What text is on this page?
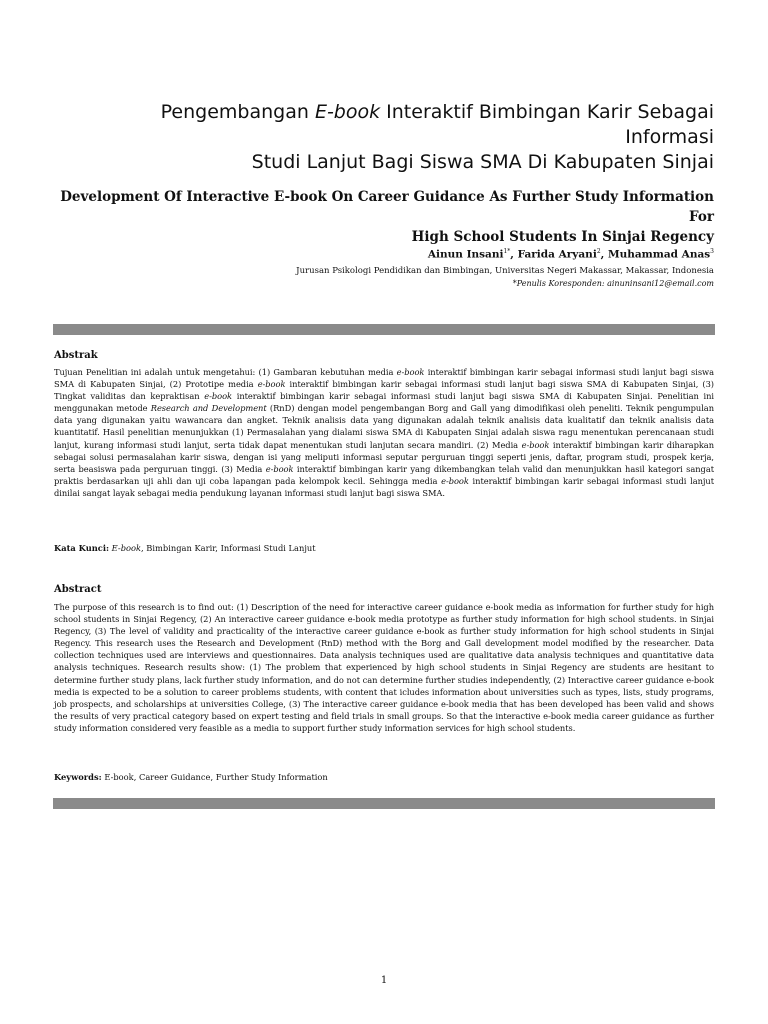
Pengembangan E-book Interaktif Bimbingan Karir Sebagai Informasi
Studi Lanjut Bagi Siswa SMA Di Kabupaten Sinjai
Development Of Interactive E-book On Career Guidance As Further Study Information For
High School Students In Sinjai Regency
Ainun Insani$^{1*}$, Farida Aryani$^2$, Muhammad Anas$^3$
Jurusan Psikologi Pendidikan dan Bimbingan, Universitas Negeri Makassar, Makassar, Indonesia
*Penulis Koresponden: ainuninsani12@email.com
Abstrak
Tujuan Penelitian ini adalah untuk mengetahui: (1) Gambaran kebutuhan media e-book interaktif bimbingan karir sebagai informasi studi lanjut bagi siswa SMA di Kabupaten Sinjai, (2) Prototipe media e-book interaktif bimbingan karir sebagai informasi studi lanjut bagi siswa SMA di Kabupaten Sinjai, (3) Tingkat validitas dan kepraktisan e-book interaktif bimbingan karir sebagai informasi studi lanjut bagi siswa SMA di Kabupaten Sinjai. Penelitian ini menggunakan metode Research and Development (RnD) dengan model pengembangan Borg and Gall yang dimodifikasi oleh peneliti. Teknik pengumpulan data yang digunakan yaitu wawancara dan angket. Teknik analisis data yang digunakan adalah teknik analisis data kualitatif dan teknik analisis data kuantitatif. Hasil penelitian menunjukkan (1) Permasalahan yang dialami siswa SMA di Kabupaten Sinjai adalah siswa ragu menentukan perencanaan studi lanjut, kurang informasi studi lanjut, serta tidak dapat menentukan studi lanjutan secara mandiri. (2) Media e-book interaktif bimbingan karir diharapkan sebagai solusi permasalahan karir siswa, dengan isi yang meliputi informasi seputar perguruan tinggi seperti jenis, daftar, program studi, prospek kerja, serta beasiswa pada perguruan tinggi. (3) Media e-book interaktif bimbingan karir yang dikembangkan telah valid dan menunjukkan hasil kategori sangat praktis berdasarkan uji ahli dan uji coba lapangan pada kelompok kecil. Sehingga media e-book interaktif bimbingan karir sebagai informasi studi lanjut dinilai sangat layak sebagai media pendukung layanan informasi studi lanjut bagi siswa SMA.
Kata Kunci: E-book, Bimbingan Karir, Informasi Studi Lanjut
Abstract
The purpose of this research is to find out: (1) Description of the need for interactive career guidance e-book media as information for further study for high school students in Sinjai Regency, (2) An interactive career guidance e-book media prototype as further study information for high school students. in Sinjai Regency, (3) The level of validity and practicality of the interactive career guidance e-book as further study information for high school students in Sinjai Regency. This research uses the Research and Development (RnD) method with the Borg and Gall development model modified by the researcher. Data collection techniques used are interviews and questionnaires. Data analysis techniques used are qualitative data analysis techniques and quantitative data analysis techniques. Research results show: (1) The problem that experienced by high school students in Sinjai Regency are students are hesitant to determine further study plans, lack further study information, and do not can determine further studies independently, (2) Interactive career guidance e-book media is expected to be a solution to career problems students, with content that icludes information about universities such as types, lists, study programs, job prospects, and scholarships at universities College, (3) The interactive career guidance e-book media that has been developed has been valid and shows the results of very practical category based on expert testing and field trials in small groups. So that the interactive e-book media career guidance as further study information considered very feasible as a media to support further study information services for high school students.
Keywords: E-book, Career Guidance, Further Study Information
1
